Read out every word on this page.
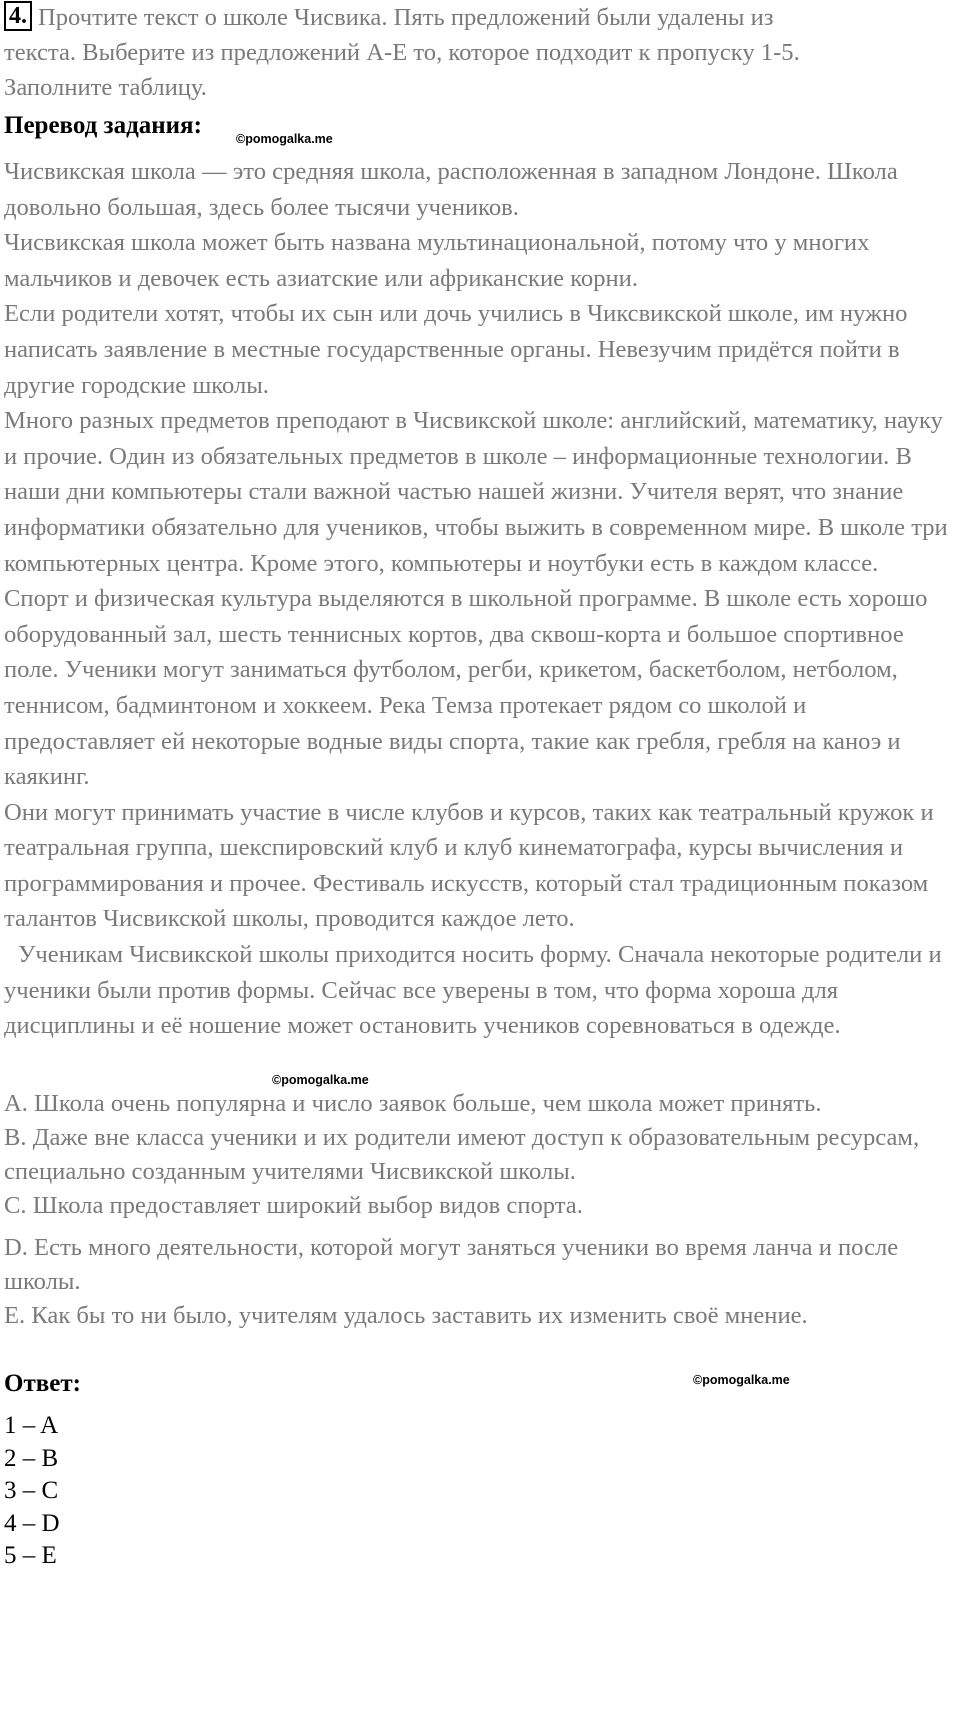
4. Прочтите текст о школе Чисвика. Пять предложений были удалены из

текста. Выберите из предложений А-Е то, которое подходит к пропуску 1-5.

Заполните таблицу.

Перевод задания:	©pomogalka.me

Чисвикская школа — это средняя школа, расположенная в западном Лондоне. Школа довольно большая, здесь более тысячи учеников.

Чисвикская школа может быть названа мультинациональной, потому что у многих мальчиков и девочек есть азиатские или африканские корни.

Если родители хотят, чтобы их сын или дочь учились в Чиксвикской школе, им нужно написать заявление в местные государственные органы. Невезучим придётся пойти в другие городские школы.

Много разных предметов преподают в Чисвикской школе: английский, математику, науку и прочие. Один из обязательных предметов в школе – информационные технологии. В наши дни компьютеры стали важной частью нашей жизни. Учителя верят, что знание информатики обязательно для учеников, чтобы выжить в современном мире. В школе три компьютерных центра. Кроме этого, компьютеры и ноутбуки есть в каждом классе.

Спорт и физическая культура выделяются в школьной программе. В школе есть хорошо оборудованный зал, шесть теннисных кортов, два сквош-корта и большое спортивное поле. Ученики могут заниматься футболом, регби, крикетом, баскетболом, нетболом, теннисом, бадминтоном и хоккеем. Река Темза протекает рядом со школой и предоставляет ей некоторые водные виды спорта, такие как гребля, гребля на каноэ и каякинг.

Они могут принимать участие в числе клубов и курсов, таких как театральный кружок и театральная группа, шекспировский клуб и клуб кинематографа, курсы вычисления и программирования и прочее. Фестиваль искусств, который стал традиционным показом талантов Чисвикской школы, проводится каждое лето.

Ученикам Чисвикской школы приходится носить форму. Сначала некоторые родители и ученики были против формы. Сейчас все уверены в том, что форма хороша для дисциплины и её ношение может остановить учеников соревноваться в одежде.

©pomogalka.me

A. Школа очень популярна и число заявок больше, чем школа может принять.

B. Даже вне класса ученики и их родители имеют доступ к образовательным ресурсам, специально созданным учителями Чисвикской школы.

C. Школа предоставляет широкий выбор видов спорта.

D. Есть много деятельности, которой могут заняться ученики во время ланча и после школы.

E. Как бы то ни было, учителям удалось заставить их изменить своё мнение.

Ответ:	©pomogalka.me

1 – A

2 – B

3 – C

4 – D

5 – E
